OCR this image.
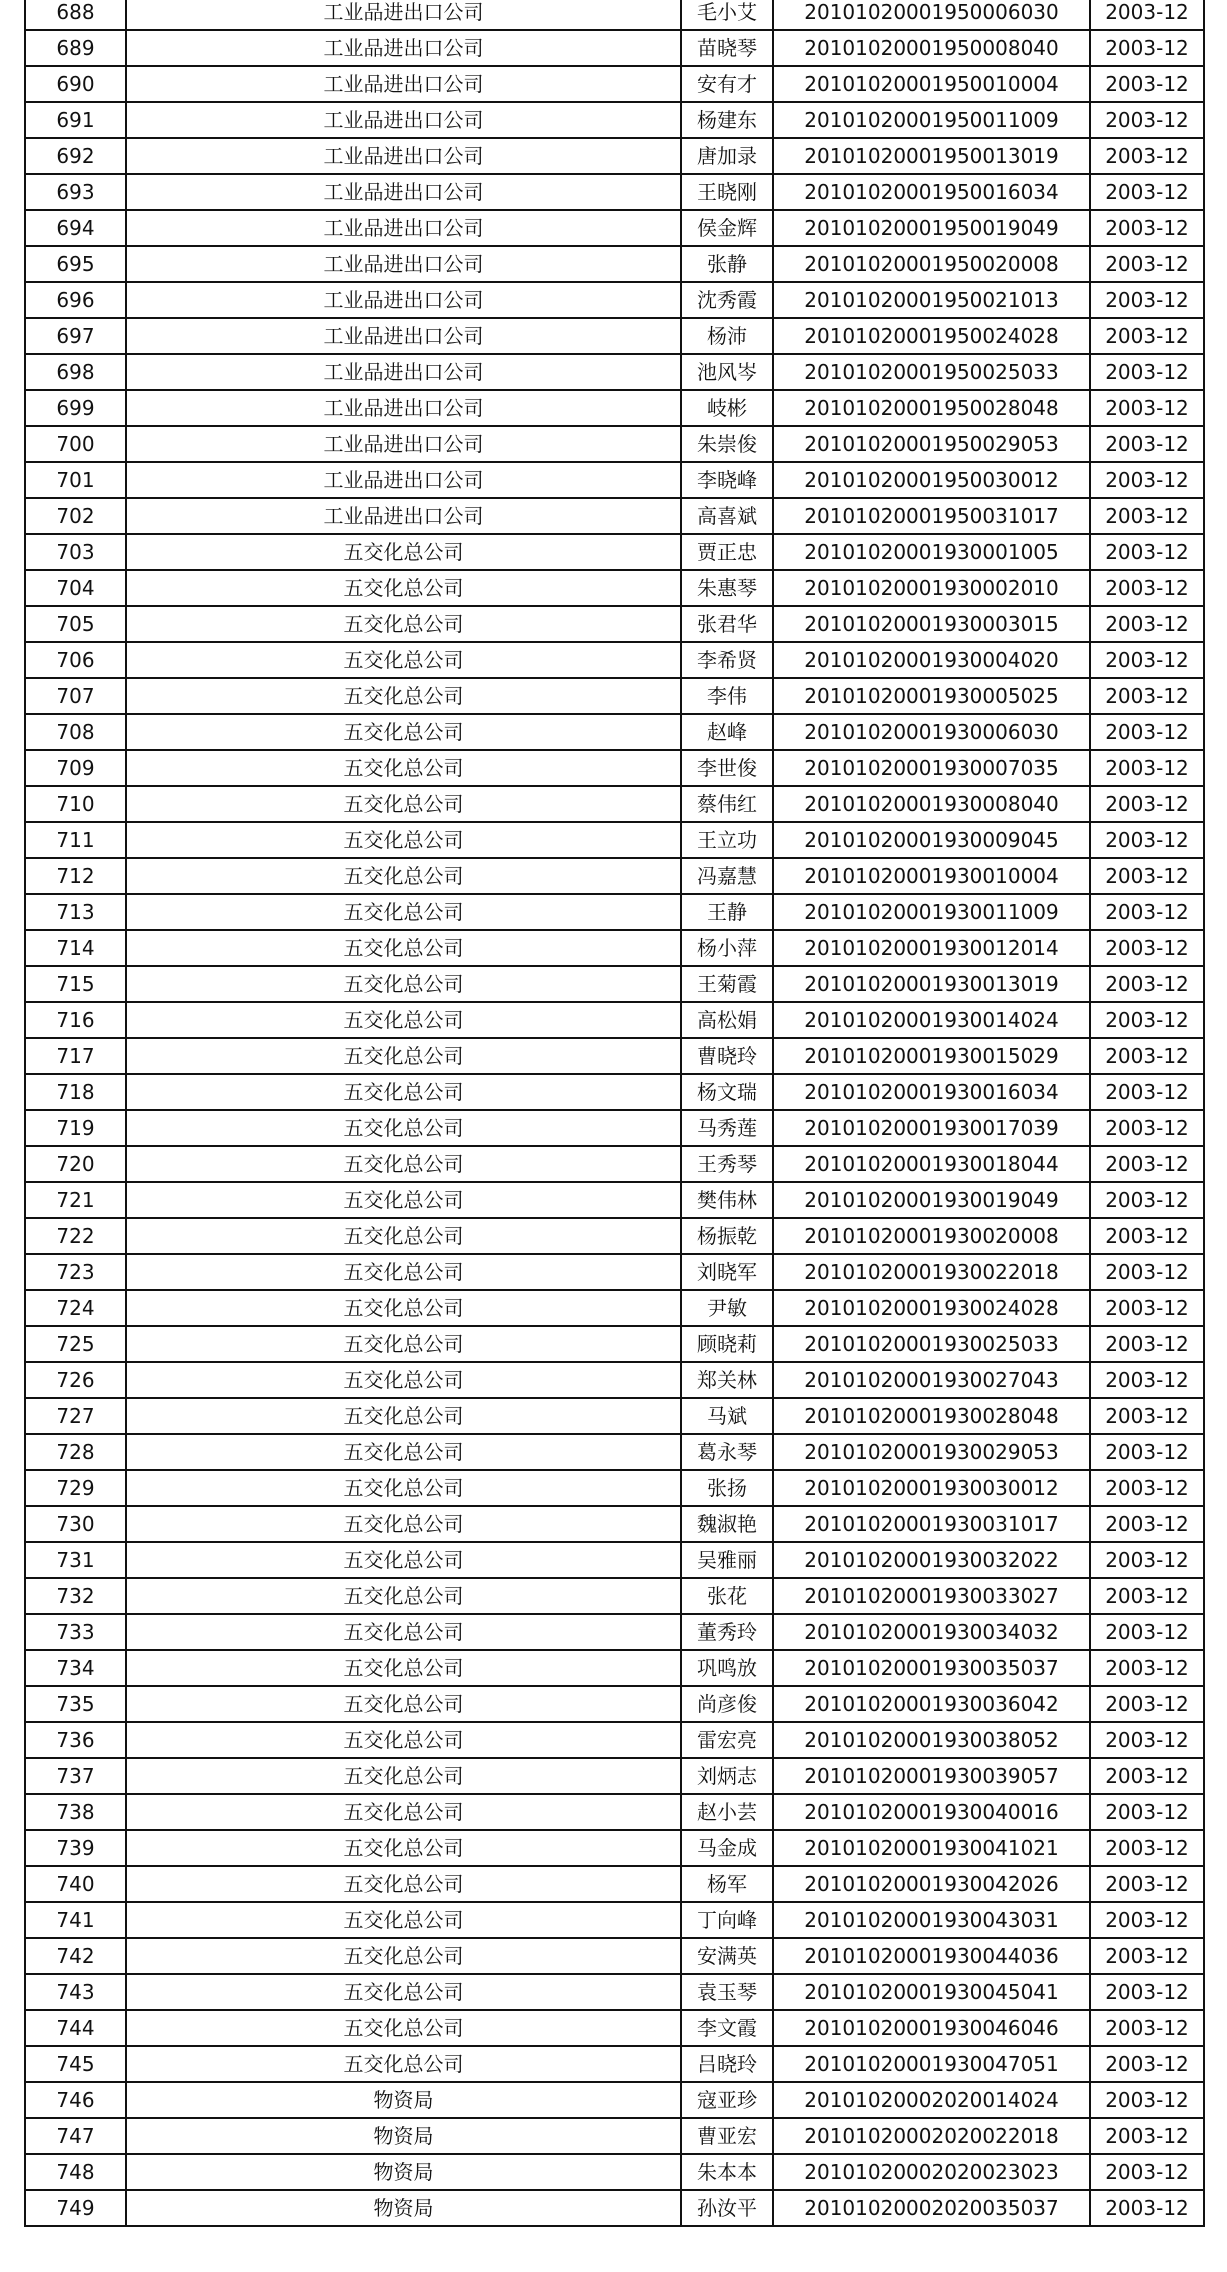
688	工业品进出口公司	毛小艾	20101020001950006030	2003-12
689	工业品进出口公司	苗晓琴	20101020001950008040	2003-12
690	工业品进出口公司	安有才	20101020001950010004	2003-12
691	工业品进出口公司	杨建东	20101020001950011009	2003-12
692	工业品进出口公司	唐加录	20101020001950013019	2003-12
693	工业品进出口公司	王晓刚	20101020001950016034	2003-12
694	工业品进出口公司	侯金辉	20101020001950019049	2003-12
695	工业品进出口公司	张静	20101020001950020008	2003-12
696	工业品进出口公司	沈秀霞	20101020001950021013	2003-12
697	工业品进出口公司	杨沛	20101020001950024028	2003-12
698	工业品进出口公司	池风岑	20101020001950025033	2003-12
699	工业品进出口公司	岐彬	20101020001950028048	2003-12
700	工业品进出口公司	朱崇俊	20101020001950029053	2003-12
701	工业品进出口公司	李晓峰	20101020001950030012	2003-12
702	工业品进出口公司	高喜斌	20101020001950031017	2003-12
703	五交化总公司	贾正忠	20101020001930001005	2003-12
704	五交化总公司	朱惠琴	20101020001930002010	2003-12
705	五交化总公司	张君华	20101020001930003015	2003-12
706	五交化总公司	李希贤	20101020001930004020	2003-12
707	五交化总公司	李伟	20101020001930005025	2003-12
708	五交化总公司	赵峰	20101020001930006030	2003-12
709	五交化总公司	李世俊	20101020001930007035	2003-12
710	五交化总公司	蔡伟红	20101020001930008040	2003-12
711	五交化总公司	王立功	20101020001930009045	2003-12
712	五交化总公司	冯嘉慧	20101020001930010004	2003-12
713	五交化总公司	王静	20101020001930011009	2003-12
714	五交化总公司	杨小萍	20101020001930012014	2003-12
715	五交化总公司	王菊霞	20101020001930013019	2003-12
716	五交化总公司	高松娟	20101020001930014024	2003-12
717	五交化总公司	曹晓玲	20101020001930015029	2003-12
718	五交化总公司	杨文瑞	20101020001930016034	2003-12
719	五交化总公司	马秀莲	20101020001930017039	2003-12
720	五交化总公司	王秀琴	20101020001930018044	2003-12
721	五交化总公司	樊伟林	20101020001930019049	2003-12
722	五交化总公司	杨振乾	20101020001930020008	2003-12
723	五交化总公司	刘晓军	20101020001930022018	2003-12
724	五交化总公司	尹敏	20101020001930024028	2003-12
725	五交化总公司	顾晓莉	20101020001930025033	2003-12
726	五交化总公司	郑关林	20101020001930027043	2003-12
727	五交化总公司	马斌	20101020001930028048	2003-12
728	五交化总公司	葛永琴	20101020001930029053	2003-12
729	五交化总公司	张扬	20101020001930030012	2003-12
730	五交化总公司	魏淑艳	20101020001930031017	2003-12
731	五交化总公司	吴雅丽	20101020001930032022	2003-12
732	五交化总公司	张花	20101020001930033027	2003-12
733	五交化总公司	董秀玲	20101020001930034032	2003-12
734	五交化总公司	巩鸣放	20101020001930035037	2003-12
735	五交化总公司	尚彦俊	20101020001930036042	2003-12
736	五交化总公司	雷宏亮	20101020001930038052	2003-12
737	五交化总公司	刘炳志	20101020001930039057	2003-12
738	五交化总公司	赵小芸	20101020001930040016	2003-12
739	五交化总公司	马金成	20101020001930041021	2003-12
740	五交化总公司	杨军	20101020001930042026	2003-12
741	五交化总公司	丁向峰	20101020001930043031	2003-12
742	五交化总公司	安满英	20101020001930044036	2003-12
743	五交化总公司	袁玉琴	20101020001930045041	2003-12
744	五交化总公司	李文霞	20101020001930046046	2003-12
745	五交化总公司	吕晓玲	20101020001930047051	2003-12
746	物资局	寇亚珍	20101020002020014024	2003-12
747	物资局	曹亚宏	20101020002020022018	2003-12
748	物资局	朱本本	20101020002020023023	2003-12
749	物资局	孙汝平	20101020002020035037	2003-12
